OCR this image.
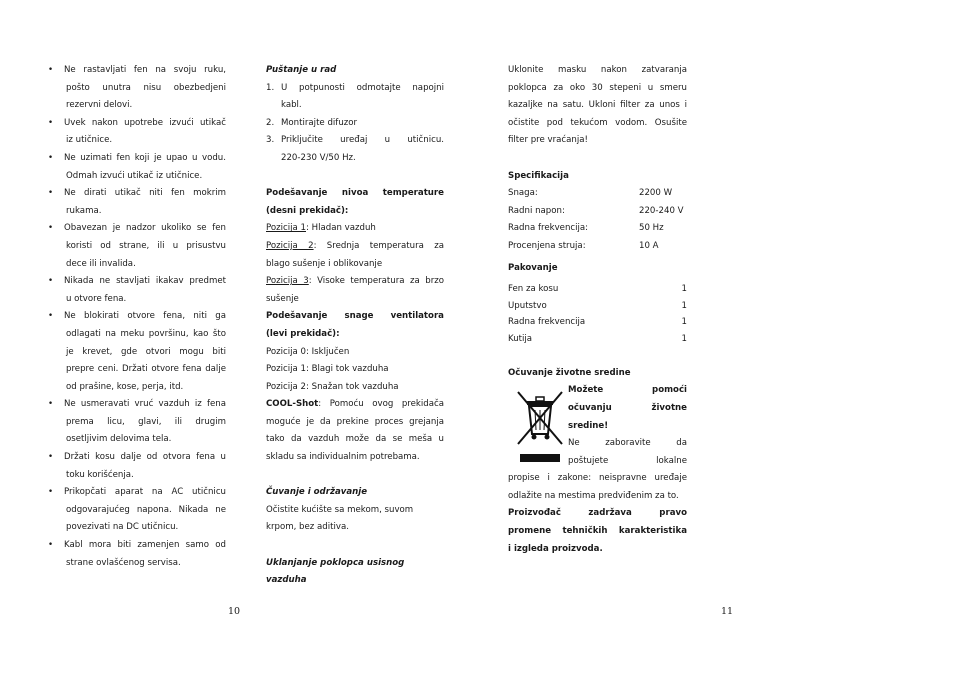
• Ne rastavljati fen na svoju ruku,

pošto unutra nisu obezbedjeni

rezervni delovi.

• Uvek nakon upotrebe izvući utikač

iz utičnice.

• Ne uzimati fen koji je upao u vodu.

Odmah izvući utikač iz utičnice.

• Ne dirati utikač niti fen mokrim

rukama.

• Obavezan je nadzor ukoliko se fen

koristi od strane, ili u prisustvu

dece ili invalida.

• Nikada ne stavljati ikakav predmet

u otvore fena.

• Ne blokirati otvore fena, niti ga

odlagati na meku površinu, kao što

je krevet, gde otvori mogu biti

prepre ceni. Držati otvore fena dalje

od prašine, kose, perja, itd.

• Ne usmeravati vruć vazduh iz fena

prema licu, glavi, ili drugim

osetljivim delovima tela.

• Držati kosu dalje od otvora fena u

toku korišćenja.

• Prikopčati aparat na AC utičnicu

odgovarajućeg napona. Nikada ne

povezivati na DC utičnicu.

• Kabl mora biti zamenjen samo od

strane ovlašćenog servisa.

10

Puštanje u rad

1. U potpunosti odmotajte napojni

kabl.

2. Montirajte difuzor

3. Priključite uređaj u utičnicu.

220-230 V/50 Hz.

Podešavanje nivoa temperature

(desni prekidač):

Pozicija 1: Hladan vazduh

Pozicija 2: Srednja temperatura za

blago sušenje i oblikovanje

Pozicija 3: Visoke temperatura za brzo

sušenje

Podešavanje snage ventilatora

(levi prekidač):

Pozicija 0: Isključen

Pozicija 1: Blagi tok vazduha

Pozicija 2: Snažan tok vazduha

COOL-Shot: Pomoću ovog prekidača

moguće je da prekine proces grejanja

tako da vazduh može da se meša u

skladu sa individualnim potrebama.

Čuvanje i održavanje

Očistite kućište sa mekom, suvom

krpom, bez aditiva.

Uklanjanje poklopca usisnog

vazduha

Uklonite masku nakon zatvaranja

poklopca za oko 30 stepeni u smeru

kazaljke na satu. Ukloni filter za unos i

očistite pod tekućom vodom. Osušite

filter pre vraćanja!

Specifikacija

Snaga:	2200 W
Radni napon:	220-240 V
Radna frekvencija:	50 Hz
Procenjena struja:	10 A

Pakovanje

Fen za kosu	1
Uputstvo	1
Radna frekvencija	1
Kutija	1

Očuvanje životne sredine

Možete pomoći

očuvanju životne

sredine!

Ne zaboravite da

poštujete lokalne

propise i zakone: neispravne uređaje

odlažite na mestima predviđenim za to.

Proizvođač zadržava pravo

promene tehničkih karakteristika

i izgleda proizvoda.

11
